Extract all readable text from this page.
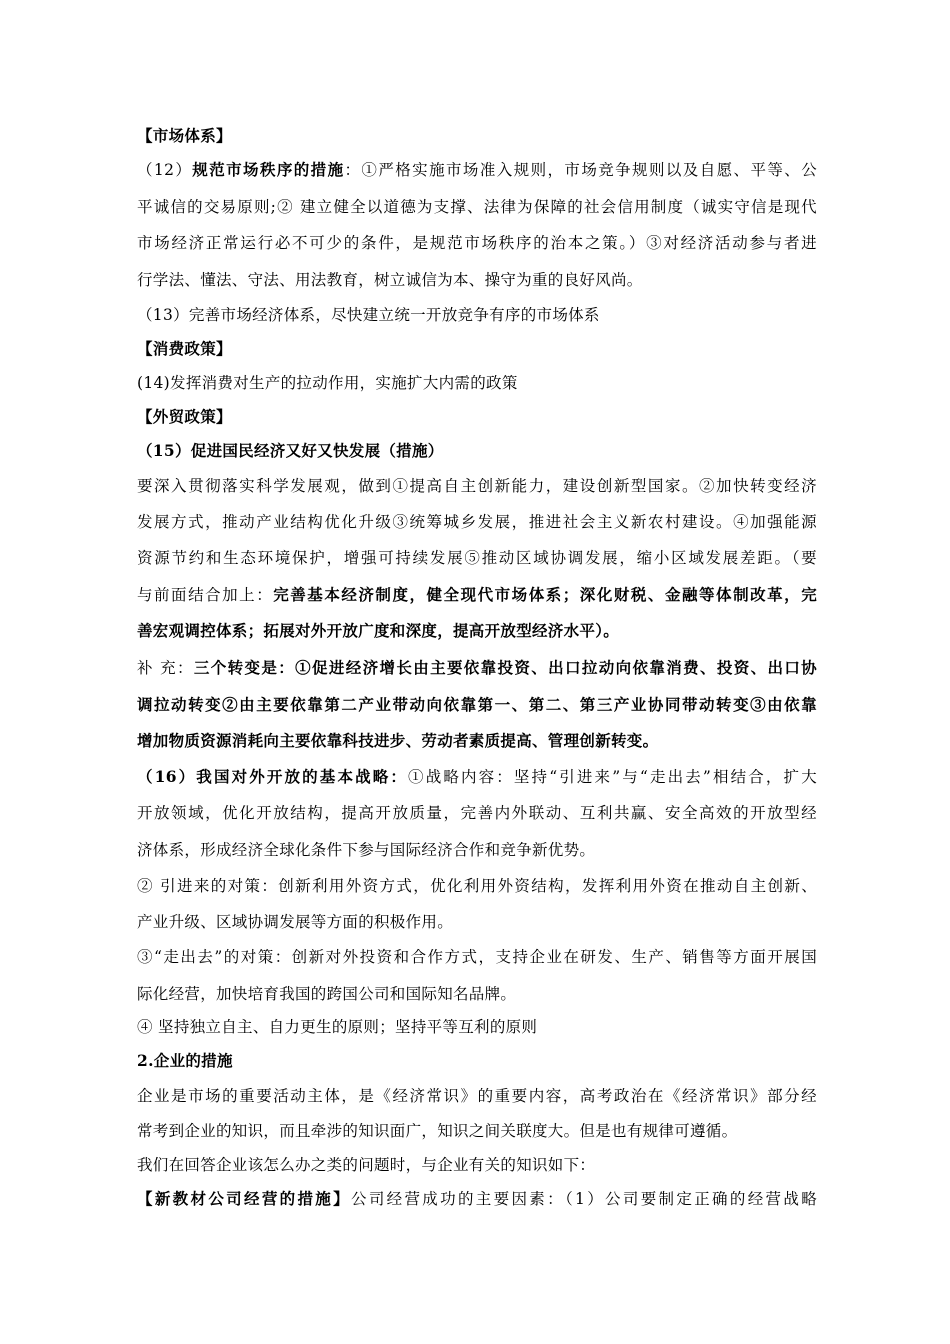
【市场体系】
（12）规范市场秩序的措施：①严格实施市场准入规则，市场竞争规则以及自愿、平等、公
平诚信的交易原则;② 建立健全以道德为支撑、法律为保障的社会信用制度（诚实守信是现代
市场经济正常运行必不可少的条件，是规范市场秩序的治本之策。）③对经济活动参与者进
行学法、懂法、守法、用法教育，树立诚信为本、操守为重的良好风尚。
（13）完善市场经济体系，尽快建立统一开放竞争有序的市场体系
【消费政策】
(14)发挥消费对生产的拉动作用，实施扩大内需的政策
【外贸政策】
（15）促进国民经济又好又快发展（措施）
要深入贯彻落实科学发展观，做到①提高自主创新能力，建设创新型国家。②加快转变经济
发展方式，推动产业结构优化升级③统筹城乡发展，推进社会主义新农村建设。④加强能源
资源节约和生态环境保护，增强可持续发展⑤推动区域协调发展，缩小区域发展差距。（要
与前面结合加上：完善基本经济制度，健全现代市场体系；深化财税、金融等体制改革，完
善宏观调控体系；拓展对外开放广度和深度，提高开放型经济水平）。
补 充：三个转变是：①促进经济增长由主要依靠投资、出口拉动向依靠消费、投资、出口协
调拉动转变②由主要依靠第二产业带动向依靠第一、第二、第三产业协同带动转变③由依靠
增加物质资源消耗向主要依靠科技进步、劳动者素质提高、管理创新转变。
（16）我国对外开放的基本战略：①战略内容：坚持“引进来”与“走出去”相结合，扩大
开放领域，优化开放结构，提高开放质量，完善内外联动、互利共赢、安全高效的开放型经
济体系，形成经济全球化条件下参与国际经济合作和竞争新优势。
② 引进来的对策：创新利用外资方式，优化利用外资结构，发挥利用外资在推动自主创新、
产业升级、区域协调发展等方面的积极作用。
③“走出去”的对策：创新对外投资和合作方式，支持企业在研发、生产、销售等方面开展国
际化经营，加快培育我国的跨国公司和国际知名品牌。
④ 坚持独立自主、自力更生的原则；坚持平等互利的原则
2.企业的措施
企业是市场的重要活动主体，是《经济常识》的重要内容，高考政治在《经济常识》部分经
常考到企业的知识，而且牵涉的知识面广，知识之间关联度大。但是也有规律可遵循。
我们在回答企业该怎么办之类的问题时，与企业有关的知识如下：
【新教材公司经营的措施】公司经营成功的主要因素：（1）公司要制定正确的经营战略
